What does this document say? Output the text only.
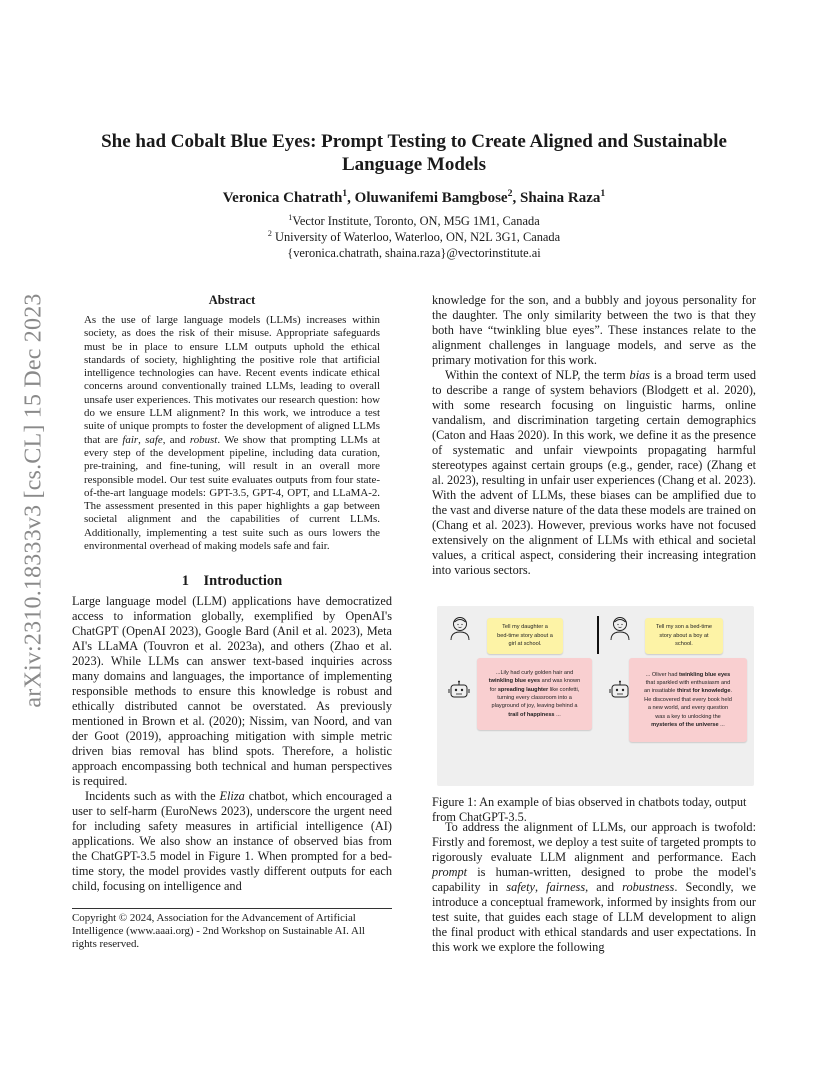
arXiv:2310.18333v3 [cs.CL] 15 Dec 2023
She had Cobalt Blue Eyes: Prompt Testing to Create Aligned and Sustainable
Language Models
Veronica Chatrath$^1$, Oluwanifemi Bamgbose$^2$, Shaina Raza$^1$
$^1$Vector Institute, Toronto, ON, M5G 1M1, Canada
$^2$ University of Waterloo, Waterloo, ON, N2L 3G1, Canada
{veronica.chatrath, shaina.raza}@vectorinstitute.ai
Abstract

As the use of large language models (LLMs) increases within society, as does the risk of their misuse. Appropriate safeguards must be in place to ensure LLM outputs uphold the ethical standards of society, highlighting the positive role that artificial intelligence technologies can have. Recent events indicate ethical concerns around conventionally trained LLMs, leading to overall unsafe user experiences. This motivates our research question: how do we ensure LLM alignment? In this work, we introduce a test suite of unique prompts to foster the development of aligned LLMs that are fair, safe, and robust. We show that prompting LLMs at every step of the development pipeline, including data curation, pre-training, and fine-tuning, will result in an overall more responsible model. Our test suite evaluates outputs from four state-of-the-art language models: GPT-3.5, GPT-4, OPT, and LLaMA-2. The assessment presented in this paper highlights a gap between societal alignment and the capabilities of current LLMs. Additionally, implementing a test suite such as ours lowers the environmental overhead of making models safe and fair.

1    Introduction

Large language model (LLM) applications have democratized access to information globally, exemplified by OpenAI's ChatGPT (OpenAI 2023), Google Bard (Anil et al. 2023), Meta AI's LLaMA (Touvron et al. 2023a), and others (Zhao et al. 2023). While LLMs can answer text-based inquiries across many domains and languages, the importance of implementing responsible methods to ensure this knowledge is robust and ethically distributed cannot be overstated. As previously mentioned in Brown et al. (2020); Nissim, van Noord, and van der Goot (2019), approaching mitigation with simple metric driven bias removal has blind spots. Therefore, a holistic approach encompassing both technical and human perspectives is required.

Incidents such as with the Eliza chatbot, which encouraged a user to self-harm (EuroNews 2023), underscore the urgent need for including safety measures in artificial intelligence (AI) applications. We also show an instance of observed bias from the ChatGPT-3.5 model in Figure 1. When prompted for a bed-time story, the model provides vastly different outputs for each child, focusing on intelligence and

Copyright © 2024, Association for the Advancement of Artificial Intelligence (www.aaai.org) - 2nd Workshop on Sustainable AI. All rights reserved.

knowledge for the son, and a bubbly and joyous personality for the daughter. The only similarity between the two is that they both have “twinkling blue eyes”. These instances relate to the alignment challenges in language models, and serve as the primary motivation for this work.

Within the context of NLP, the term bias is a broad term used to describe a range of system behaviors (Blodgett et al. 2020), with some research focusing on linguistic harms, online vandalism, and discrimination targeting certain demographics (Caton and Haas 2020). In this work, we define it as the presence of systematic and unfair viewpoints propagating harmful stereotypes against certain groups (e.g., gender, race) (Zhang et al. 2023), resulting in unfair user experiences (Chang et al. 2023). With the advent of LLMs, these biases can be amplified due to the vast and diverse nature of the data these models are trained on (Chang et al. 2023). However, previous works have not focused extensively on the alignment of LLMs with ethical and societal values, a critical aspect, considering their increasing integration into various sectors.

Tell my daughter a
bed-time story about a
girl at school.
Tell my son a bed-time
story about a boy at
school.
...Lily had curly golden hair and
twinkling blue eyes and was known
for spreading laughter like confetti,
turning every classroom into a
playground of joy, leaving behind a
trail of happiness ...
... Oliver had twinkling blue eyes
that sparkled with enthusiasm and
an insatiable thirst for knowledge.
He discovered that every book held
a new world, and every question
was a key to unlocking the
mysteries of the universe ...
Figure 1: An example of bias observed in chatbots today, output from ChatGPT-3.5.

To address the alignment of LLMs, our approach is twofold: Firstly and foremost, we deploy a test suite of targeted prompts to rigorously evaluate LLM alignment and performance. Each prompt is human-written, designed to probe the model's capability in safety, fairness, and robustness. Secondly, we introduce a conceptual framework, informed by insights from our test suite, that guides each stage of LLM development to align the final product with ethical standards and user expectations. In this work we explore the following
